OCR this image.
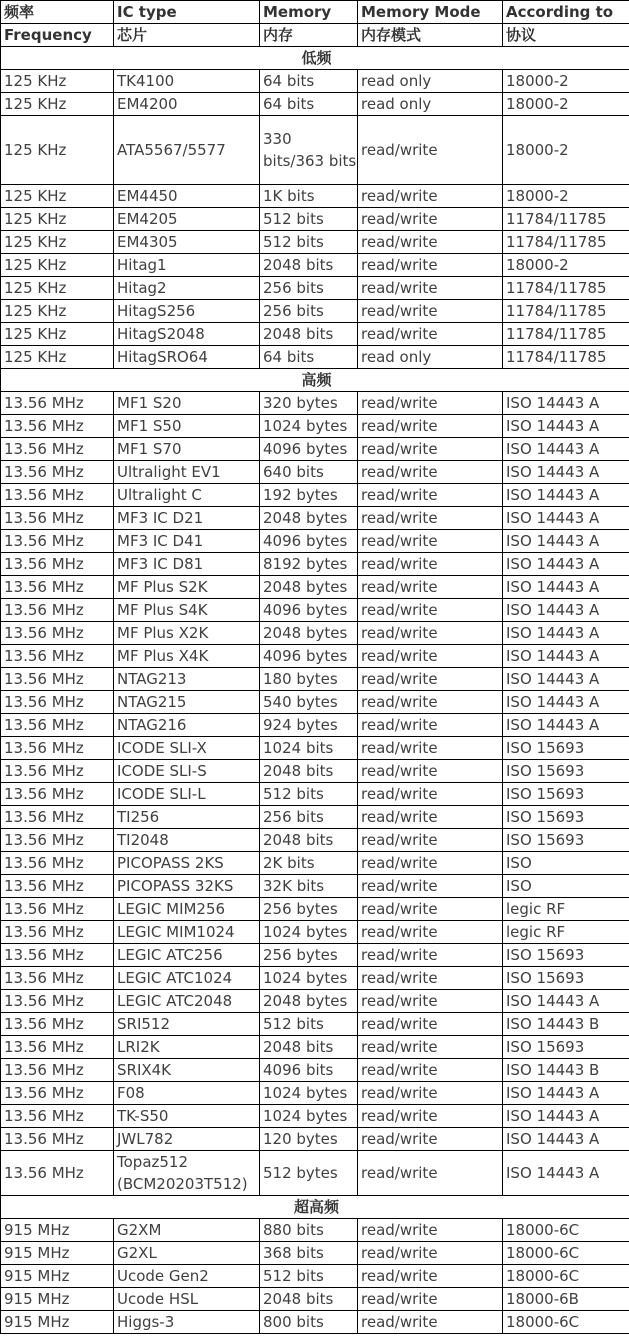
频率	IC type	Memory	Memory Mode	According to
Frequency	芯片	内存	内存模式	协议
低频				
125 KHz	TK4100	64 bits	read only	18000-2
125 KHz	EM4200	64 bits	read only	18000-2
125 KHz	ATA5567/5577	330 bits/363 bits	read/write	18000-2
125 KHz	EM4450	1K bits	read/write	18000-2
125 KHz	EM4205	512 bits	read/write	11784/11785
125 KHz	EM4305	512 bits	read/write	11784/11785
125 KHz	Hitag1	2048 bits	read/write	18000-2
125 KHz	Hitag2	256 bits	read/write	11784/11785
125 KHz	HitagS256	256 bits	read/write	11784/11785
125 KHz	HitagS2048	2048 bits	read/write	11784/11785
125 KHz	HitagSRO64	64 bits	read only	11784/11785
高频				
13.56 MHz	MF1 S20	320 bytes	read/write	ISO 14443 A
13.56 MHz	MF1 S50	1024 bytes	read/write	ISO 14443 A
13.56 MHz	MF1 S70	4096 bytes	read/write	ISO 14443 A
13.56 MHz	Ultralight EV1	640 bits	read/write	ISO 14443 A
13.56 MHz	Ultralight C	192 bytes	read/write	ISO 14443 A
13.56 MHz	MF3 IC D21	2048 bytes	read/write	ISO 14443 A
13.56 MHz	MF3 IC D41	4096 bytes	read/write	ISO 14443 A
13.56 MHz	MF3 IC D81	8192 bytes	read/write	ISO 14443 A
13.56 MHz	MF Plus S2K	2048 bytes	read/write	ISO 14443 A
13.56 MHz	MF Plus S4K	4096 bytes	read/write	ISO 14443 A
13.56 MHz	MF Plus X2K	2048 bytes	read/write	ISO 14443 A
13.56 MHz	MF Plus X4K	4096 bytes	read/write	ISO 14443 A
13.56 MHz	NTAG213	180 bytes	read/write	ISO 14443 A
13.56 MHz	NTAG215	540 bytes	read/write	ISO 14443 A
13.56 MHz	NTAG216	924 bytes	read/write	ISO 14443 A
13.56 MHz	ICODE SLI-X	1024 bits	read/write	ISO 15693
13.56 MHz	ICODE SLI-S	2048 bits	read/write	ISO 15693
13.56 MHz	ICODE SLI-L	512 bits	read/write	ISO 15693
13.56 MHz	TI256	256 bits	read/write	ISO 15693
13.56 MHz	TI2048	2048 bits	read/write	ISO 15693
13.56 MHz	PICOPASS 2KS	2K bits	read/write	ISO
13.56 MHz	PICOPASS 32KS	32K bits	read/write	ISO
13.56 MHz	LEGIC MIM256	256 bytes	read/write	legic RF
13.56 MHz	LEGIC MIM1024	1024 bytes	read/write	legic RF
13.56 MHz	LEGIC ATC256	256 bytes	read/write	ISO 15693
13.56 MHz	LEGIC ATC1024	1024 bytes	read/write	ISO 15693
13.56 MHz	LEGIC ATC2048	2048 bytes	read/write	ISO 14443 A
13.56 MHz	SRI512	512 bits	read/write	ISO 14443 B
13.56 MHz	LRI2K	2048 bits	read/write	ISO 15693
13.56 MHz	SRIX4K	4096 bits	read/write	ISO 14443 B
13.56 MHz	F08	1024 bytes	read/write	ISO 14443 A
13.56 MHz	TK-S50	1024 bytes	read/write	ISO 14443 A
13.56 MHz	JWL782	120 bytes	read/write	ISO 14443 A
13.56 MHz	Topaz512 (BCM20203T512)	512 bytes	read/write	ISO 14443 A
超高频				
915 MHz	G2XM	880 bits	read/write	18000-6C
915 MHz	G2XL	368 bits	read/write	18000-6C
915 MHz	Ucode Gen2	512 bits	read/write	18000-6C
915 MHz	Ucode HSL	2048 bits	read/write	18000-6B
915 MHz	Higgs-3	800 bits	read/write	18000-6C
